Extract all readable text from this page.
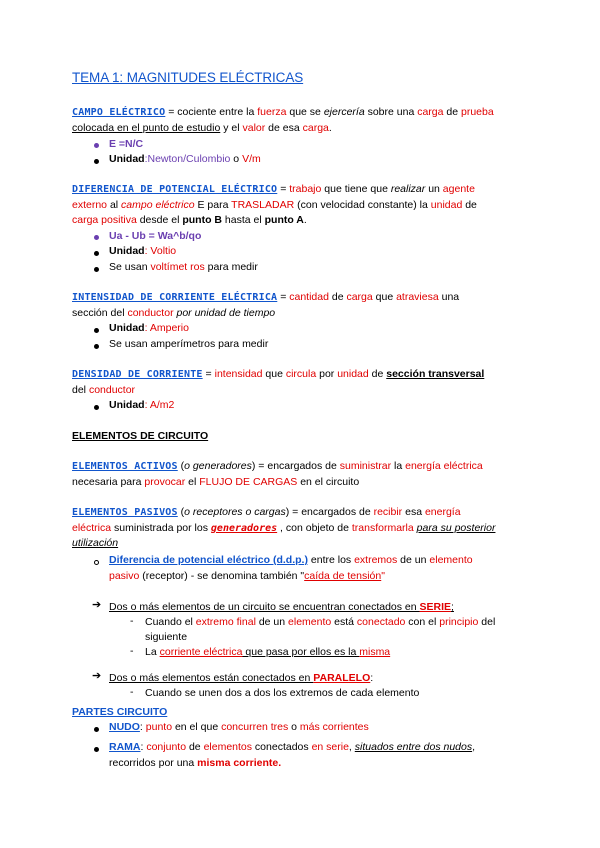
TEMA 1: MAGNITUDES ELÉCTRICAS
CAMPO ELÉCTRICO = cociente entre la fuerza que se ejercería sobre una carga de prueba
colocada en el punto de estudio y el valor de esa carga.
E =N/C
Unidad:Newton/Culombio o V/m
DIFERENCIA DE POTENCIAL ELÉCTRICO = trabajo que tiene que realizar un agente
externo al campo eléctrico E para TRASLADAR (con velocidad constante) la unidad de
carga positiva desde el punto B hasta el punto A.
Ua - Ub = Wa^b/qo
Unidad: Voltio
Se usan voltímet ros para medir
INTENSIDAD DE CORRIENTE ELÉCTRICA = cantidad de carga que atraviesa una
sección del conductor por unidad de tiempo
Unidad: Amperio
Se usan amperímetros para medir
DENSIDAD DE CORRIENTE = intensidad que circula por unidad de sección transversal
del conductor
Unidad: A/m2
ELEMENTOS DE CIRCUITO
ELEMENTOS ACTIVOS (o generadores) = encargados de suministrar la energía eléctrica
necesaria para provocar el FLUJO DE CARGAS en el circuito
ELEMENTOS PASIVOS (o receptores o cargas) = encargados de recibir esa energía
eléctrica suministrada por los generadores , con objeto de transformarla para su posterior
utilización
Diferencia de potencial eléctrico (d.d.p.) entre los extremos de un elemento
pasivo (receptor) - se denomina también "caída de tensión"
➔ Dos o más elementos de un circuito se encuentran conectados en SERIE;
- Cuando el extremo final de un elemento está conectado con el principio del
siguiente
- La corriente eléctrica que pasa por ellos es la misma
➔ Dos o más elementos están conectados en PARALELO:
- Cuando se unen dos a dos los extremos de cada elemento
PARTES CIRCUITO
NUDO: punto en el que concurren tres o más corrientes
RAMA: conjunto de elementos conectados en serie, situados entre dos nudos,
recorridos por una misma corriente.
